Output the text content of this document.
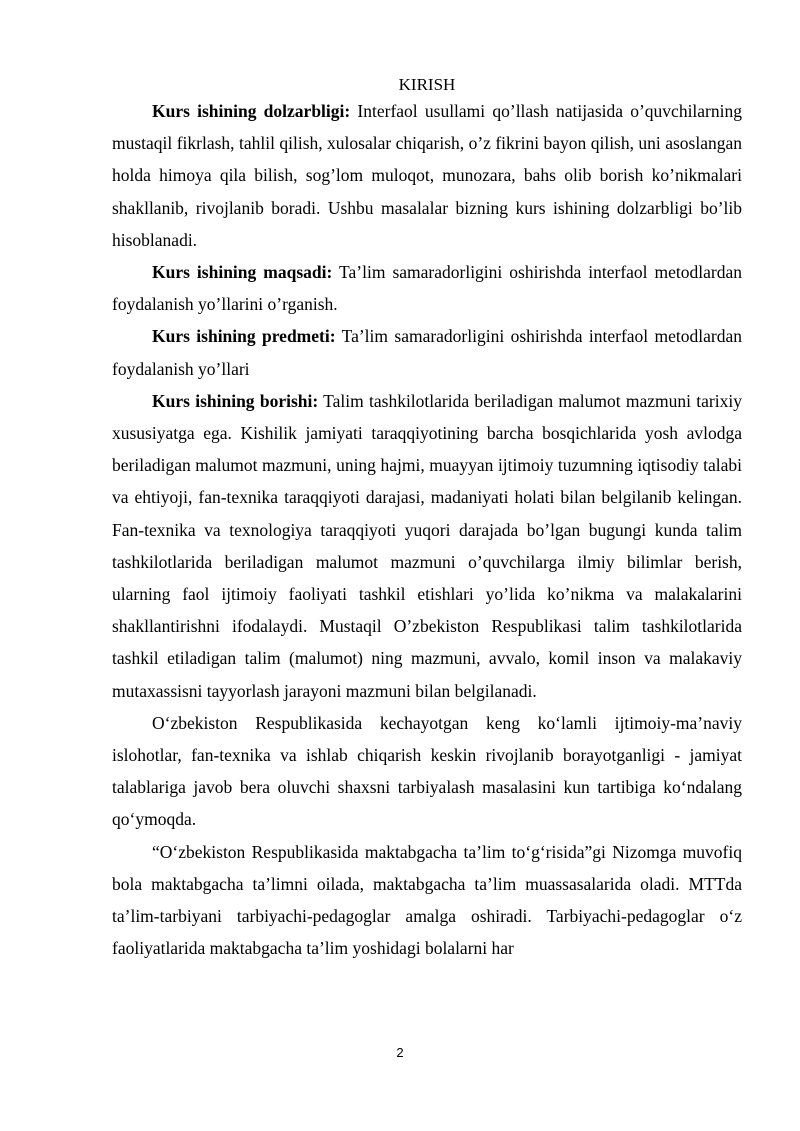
KIRISH

Kurs ishining dolzarbligi: Interfaol usullami qo’llash natijasida o’quvchilarning mustaqil fikrlash, tahlil qilish, xulosalar chiqarish, o’z fikrini bayon qilish, uni asoslangan holda himoya qila bilish, sog’lom muloqot, munozara, bahs olib borish ko’nikmalari shakllanib, rivojlanib boradi. Ushbu masalalar bizning kurs ishining dolzarbligi bo’lib hisoblanadi.

Kurs ishining maqsadi: Ta’lim samaradorligini oshirishda interfaol metodlardan foydalanish yo’llarini o’rganish.

Kurs ishining predmeti: Ta’lim samaradorligini oshirishda interfaol metodlardan foydalanish yo’llari

Kurs ishining borishi: Talim tashkilotlarida beriladigan malumot mazmuni tarixiy xususiyatga ega. Kishilik jamiyati taraqqiyotining barcha bosqichlarida yosh avlodga beriladigan malumot mazmuni, uning hajmi, muayyan ijtimoiy tuzumning iqtisodiy talabi va ehtiyoji, fan-texnika taraqqiyoti darajasi, madaniyati holati bilan belgilanib kelingan. Fan-texnika va texnologiya taraqqiyoti yuqori darajada bo’lgan bugungi kunda talim tashkilotlarida beriladigan malumot mazmuni o’quvchilarga ilmiy bilimlar berish, ularning faol ijtimoiy faoliyati tashkil etishlari yo’lida ko’nikma va malakalarini shakllantirishni ifodalaydi. Mustaqil O’zbekiston Respublikasi talim tashkilotlarida tashkil etiladigan talim (malumot) ning mazmuni, avvalo, komil inson va malakaviy mutaxassisni tayyorlash jarayoni mazmuni bilan belgilanadi.

O‘zbekiston Respublikasida kechayotgan keng ko‘lamli ijtimoiy-ma’naviy islohotlar, fan-texnika va ishlab chiqarish keskin rivojlanib borayotganligi - jamiyat talablariga javob bera oluvchi shaxsni tarbiyalash masalasini kun tartibiga ko‘ndalang qo‘ymoqda.

“O‘zbekiston Respublikasida maktabgacha ta’lim to‘g‘risida”gi Nizomga muvofiq bola maktabgacha ta’limni oilada, maktabgacha ta’lim muassasalarida oladi. MTTda ta’lim-tarbiyani tarbiyachi-pedagoglar amalga oshiradi. Tarbiyachi-pedagoglar o‘z faoliyatlarida maktabgacha ta’lim yoshidagi bolalarni har

2
